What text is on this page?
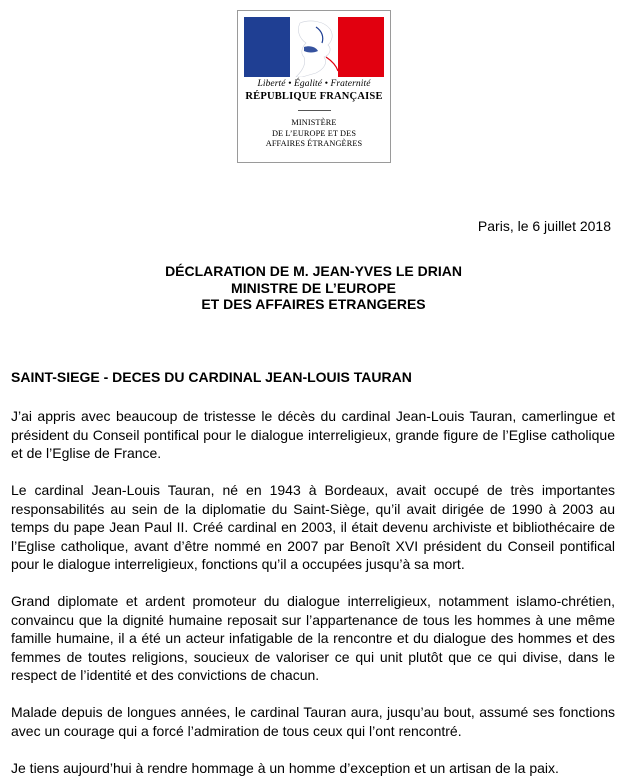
Liberté • Égalité • Fraternité
RÉPUBLIQUE FRANÇAISE
MINISTÈRE
DE L’EUROPE ET DES
AFFAIRES ÉTRANGÈRES
Paris, le 6 juillet 2018
DÉCLARATION DE M. JEAN-YVES LE DRIAN
MINISTRE DE L’EUROPE
ET DES AFFAIRES ETRANGERES
SAINT-SIEGE - DECES DU CARDINAL JEAN-LOUIS TAURAN

J’ai appris avec beaucoup de tristesse le décès du cardinal Jean-Louis Tauran, camerlingue et président du Conseil pontifical pour le dialogue interreligieux, grande figure de l’Eglise catholique et de l’Eglise de France.

Le cardinal Jean-Louis Tauran, né en 1943 à Bordeaux, avait occupé de très importantes responsabilités au sein de la diplomatie du Saint-Siège, qu’il avait dirigée de 1990 à 2003 au temps du pape Jean Paul II. Créé cardinal en 2003, il était devenu archiviste et bibliothécaire de l’Eglise catholique, avant d’être nommé en 2007 par Benoît XVI président du Conseil pontifical pour le dialogue interreligieux, fonctions qu’il a occupées jusqu’à sa mort.

Grand diplomate et ardent promoteur du dialogue interreligieux, notamment islamo-chrétien, convaincu que la dignité humaine reposait sur l’appartenance de tous les hommes à une même famille humaine, il a été un acteur infatigable de la rencontre et du dialogue des hommes et des femmes de toutes religions, soucieux de valoriser ce qui unit plutôt que ce qui divise, dans le respect de l’identité et des convictions de chacun.

Malade depuis de longues années, le cardinal Tauran aura, jusqu’au bout, assumé ses fonctions avec un courage qui a forcé l’admiration de tous ceux qui l’ont rencontré.

Je tiens aujourd’hui à rendre hommage à un homme d’exception et un artisan de la paix.
